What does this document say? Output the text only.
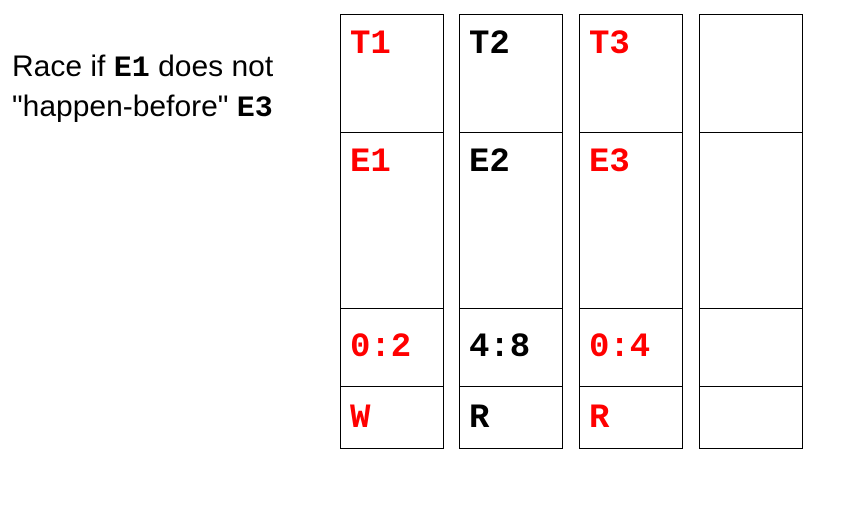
Race if E1 does not
"happen-before" E3
T1
E1
0:2
W
T2
E2
4:8
R
T3
E3
0:4
R
